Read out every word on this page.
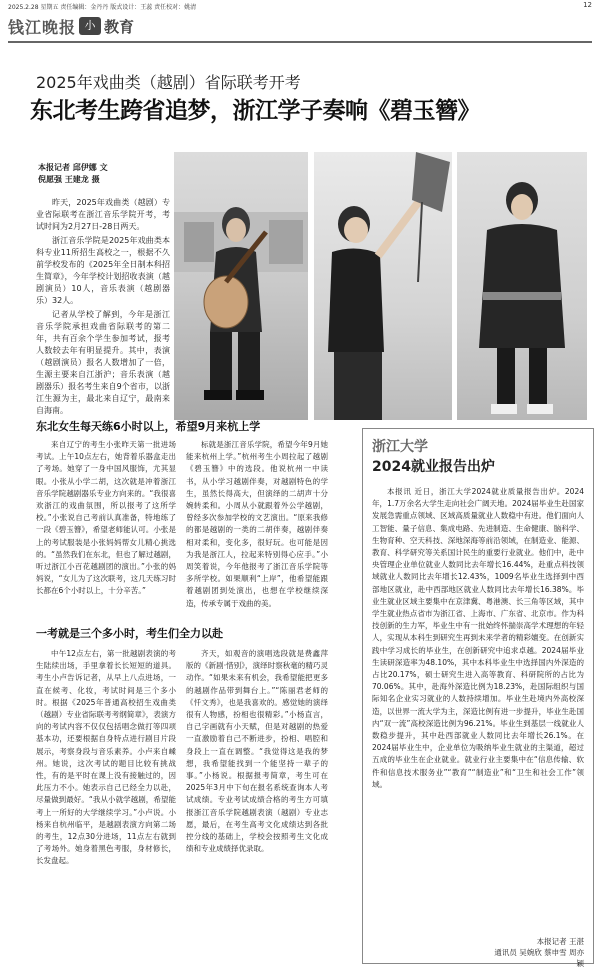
2025.2.28 星期五 责任编辑：金丹丹 版式设计：王蕊 责任校对：姚清	12
钱江晚报 小 教育
2025年戏曲类（越剧）省际联考开考
东北考生跨省追梦，浙江学子奏响《碧玉簪》
本报记者 邱伊娜 文
倪愿强 王建龙 摄

昨天，2025年戏曲类（越剧）专业省际联考在浙江音乐学院开考，考试时间为2月27日-28日两天。

浙江音乐学院是2025年戏曲类本科专业11所招生高校之一，根据不久前学校发布的《2025年全日制本科招生简章》，今年学校计划招收表演（越剧演员）10人，音乐表演（越剧器乐）32人。

记者从学校了解到，今年是浙江音乐学院承担戏曲省际联考的第二年，共有百余个学生参加考试，报考人数较去年有明显提升。其中，表演（越剧演员）报名人数增加了一倍，生源主要来自江浙沪；音乐表演（越剧器乐）报名考生来自9个省市，以浙江生源为主，最北来自辽宁，最南来自海南。

东北女生每天练6小时以上，希望9月来杭上学

来自辽宁的考生小张昨天第一批进场考试。上午10点左右，她背着乐器盒走出了考场。她穿了一身中国风服饰，尤其显眼。小张从小学二胡，这次就是冲着浙江音乐学院越剧器乐专业方向来的。“我很喜欢浙江的戏曲氛围，所以报考了这所学校。”小张说自己考前认真准备，特地练了一段《碧玉簪》，希望老师能认可。小张是上的考试服装是小张妈妈帮女儿精心挑选的。“虽然我们在东北，但也了解过越剧，听过浙江小百花越剧团的演出。”小张的妈妈说，“女儿为了这次联考，这几天练习时长都在6个小时以上，十分辛苦。”

标就是浙江音乐学院，希望今年9月她能来杭州上学。”杭州考生小周拉起了越剧《碧玉簪》中的选段。他说杭州一中读书，从小学习越剧伴奏，对越剧特色的学生，虽然长得高大，但演绎的二胡声十分婉转柔和。小周从小就跟着外公学越剧，曾经多次参加学校的文艺演出。“原来我修的都是越剧的一类的二胡伴奏，越剧伴奏相对柔和，变化多，很好玩。也可能是因为我是浙江人，拉起来特别得心应手。”小周笑着说，今年他报考了浙江音乐学院等多所学校。如果顺利“上岸”，他希望能跟着越剧团到处演出，也想在学校继续深造，传承专属于戏曲的美。

一考就是三个多小时，考生们全力以赴

中午12点左右，第一批越剧表演的考生陆续出场，手里拿着长长短短的道具。考生小卢告诉记者，从早上八点进场，一直在候考、化妆，考试时间是三个多小时。根据《2025年普通高校招生戏曲类（越剧）专业省际联考考纲简章》，表演方向的考试内容不仅仅包括唱念做打等四项基本功，还要根据自身特点进行剧目片段展示，考察身段与音乐素养。小卢来自嵊州。她说，这次考试的题目比较有挑战性，有的是平时在课上没有接触过的，因此压力不小。她表示自己已经全力以赴，尽量做到最好。“我从小就学越剧，希望能考上一所好的大学继续学习。”小卢说。小杨来自杭州临平，是越剧表演方向第二场的考生，12点30分进场，11点左右就到了考场外。她身着黑色考服，身材修长，长发盘起。

齐天，如观音的演唱选段就是费鑫萍版的《新剧·惜别》，演绎时察秋毫的精巧灵动作。“如果未来有机会，我希望能把更多的越剧作品带到舞台上。”“陈丽君老师的《忏文秀》，也是我喜欢的。感觉她的演绎很有人物感，扮相也很精彩。”小杨直言，自己字画就有小天赋，但是对越剧的热爱一直激励着自己不断进步，扮相、唱腔和身段上一直在调整。“我觉得这是我的梦想，我希望能找到一个能坚持一辈子的事。”小杨说。根据报考简章，考生可在2025年3月中下旬在报名系统查询本人考试成绩。专业考试成绩合格的考生方可填报浙江音乐学院越剧表演（越剧）专业志愿，最后，在考生高考文化成绩达到各批控分线的基础上，学校会按照考生文化成绩和专业成绩择优录取。

浙江大学
2024就业报告出炉

本报讯 近日，浙江大学2024就业质量报告出炉。2024年，1.7万余名大学生走向社会广阔天地。2024届毕业生赴国家发展急需重点领域、区域高质量就业人数稳中有进。他们面向人工智能、量子信息、集成电路、先进制造、生命健康、脑科学、生物育种、空天科技、深地深海等前沿领域，在制造业、能源、教育、科学研究等关系国计民生的重要行业就业。他们中，赴中央管理企业单位就业人数同比去年增长16.44%，赴重点科技领域就业人数同比去年增长12.43%，1009名毕业生选择到中西部地区就业，赴中西部地区就业人数同比去年增长16.38%。毕业生就业区域主要集中在京津冀、粤港澳、长三角等区域，其中学生就业热点省市为浙江省、上海市、广东省、北京市。作为科技创新的生力军，毕业生中有一批始终怀揣崇高学术理想的年轻人，实现从本科生到研究生再到未来学者的精彩嬗变。在创新实践中学习成长的毕业生，在创新研究中追求卓越。2024届毕业生读研深造率为48.10%，其中本科毕业生中选择国内外深造的占比20.17%，硕士研究生进入高等教育、科研院所的占比为70.06%。其中，赴海外深造比例为18.23%，赴国际组织与国际知名企业实习就业的人数持续增加。毕业生赴境内外高校深造，以世界一流大学为主，深造比例有进一步提升，毕业生赴国内“双一流”高校深造比例为96.21%。毕业生到基层一线就业人数稳步提升，其中赴西部就业人数同比去年增长26.1%。在2024届毕业生中，企业单位为吸纳毕业生就业的主渠道，超过五成的毕业生在企业就业。就业行业主要集中在“信息传输、软件和信息技术服务业”“教育”“制造业”和“卫生和社会工作”领域。

本报记者 王湛
通讯员 吴婉欣 蔡申雪 周亦颖
